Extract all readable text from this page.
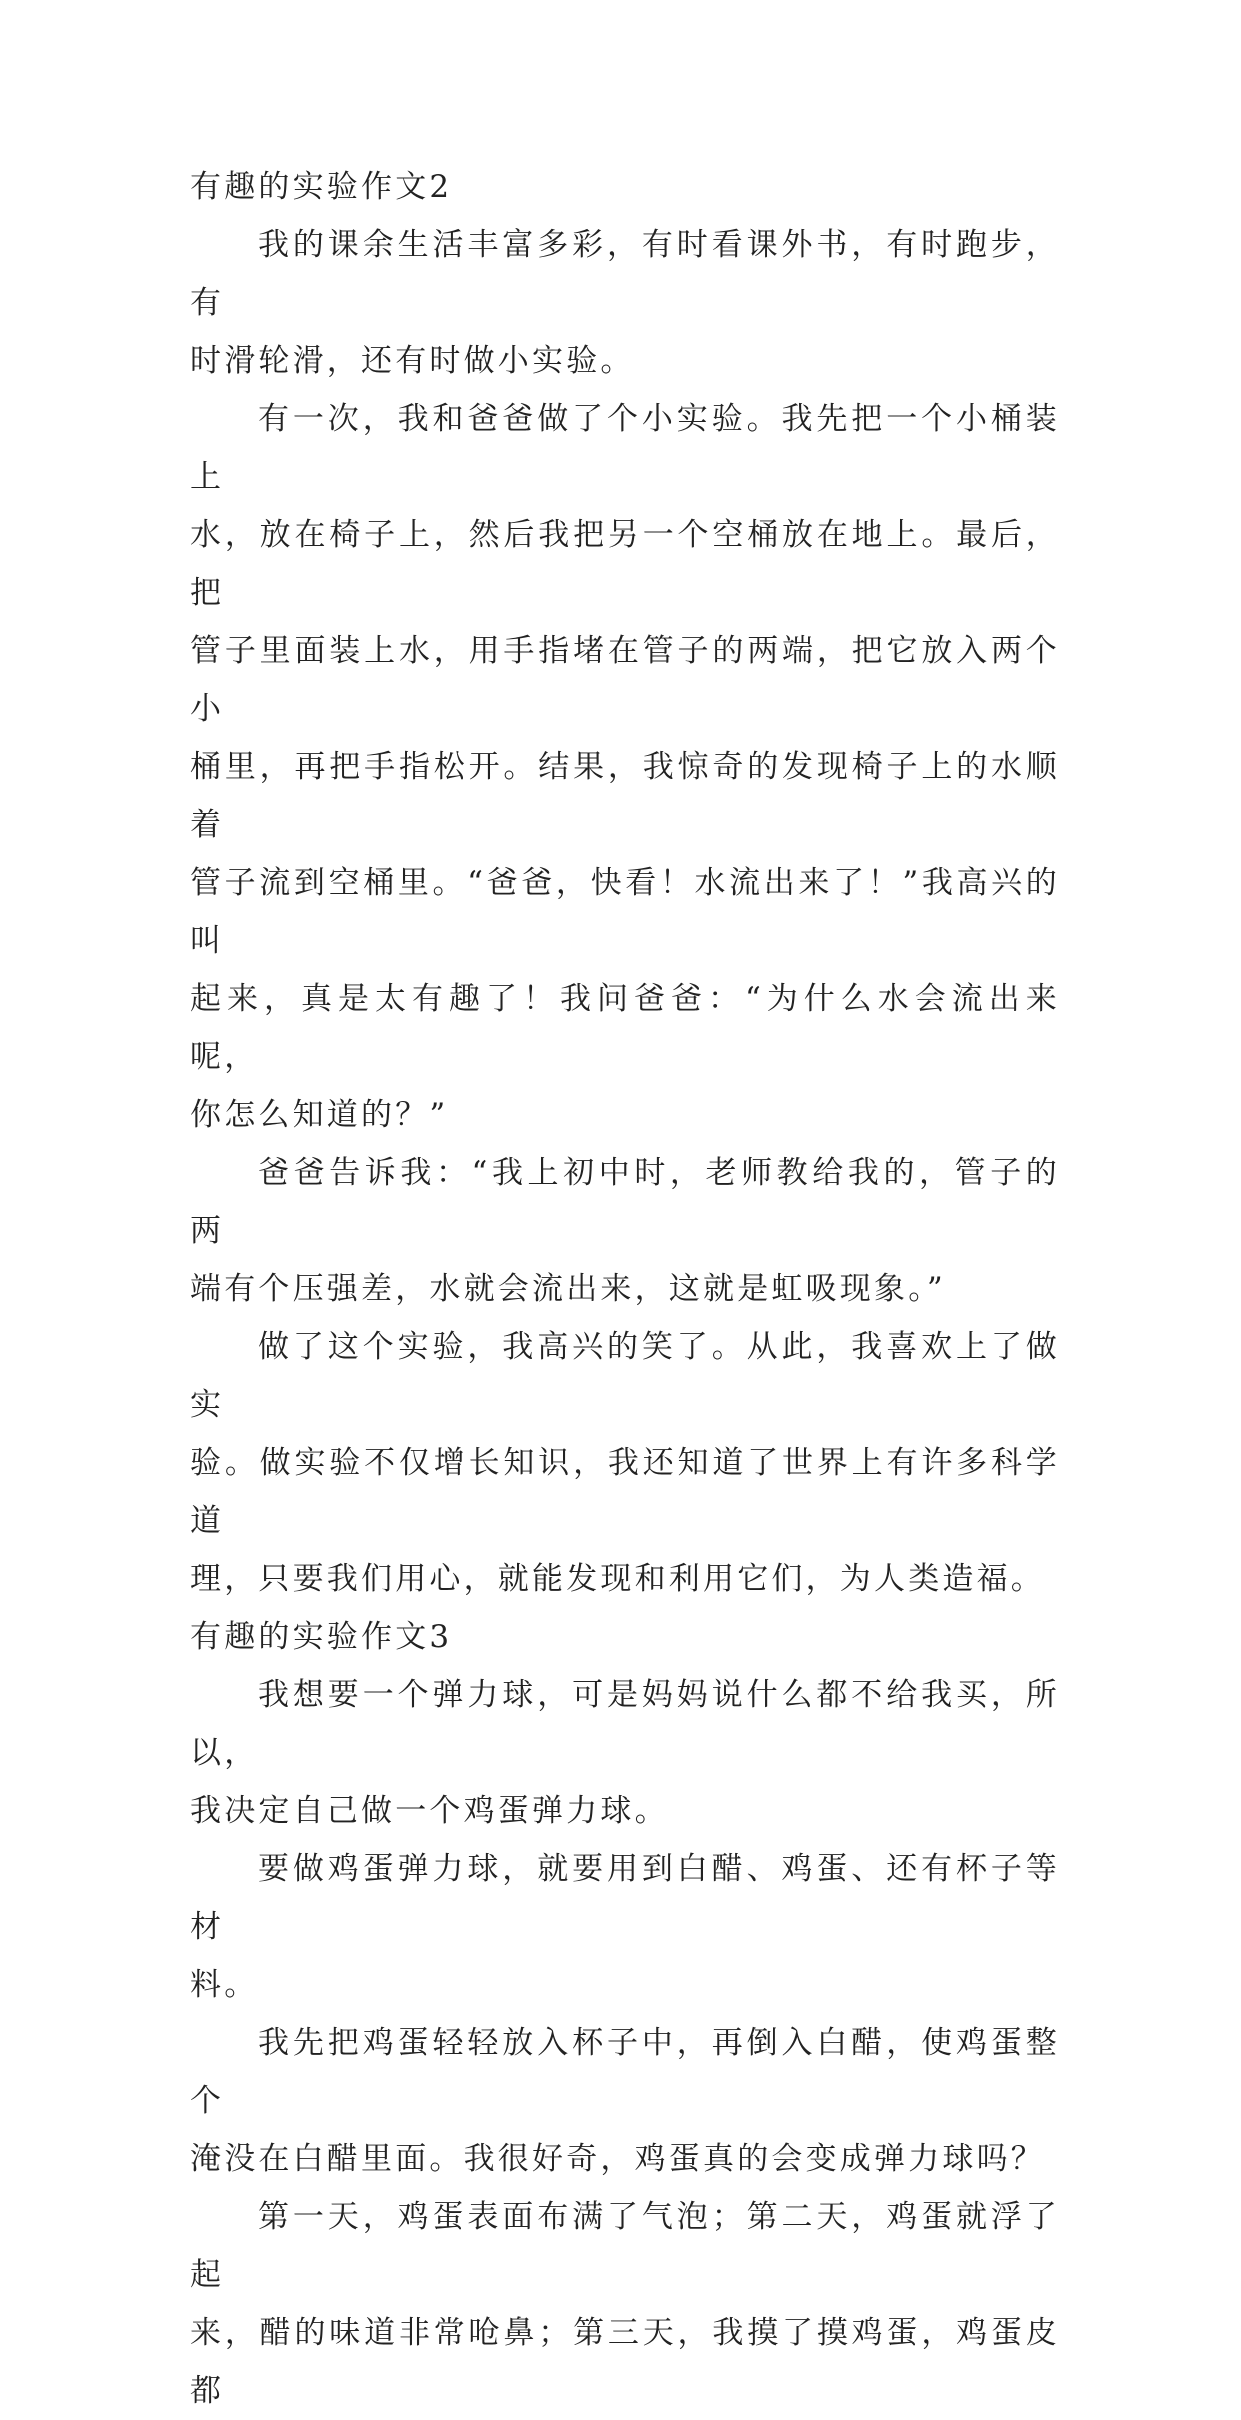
有趣的实验作文2
我的课余生活丰富多彩，有时看课外书，有时跑步，有
时滑轮滑，还有时做小实验。
有一次，我和爸爸做了个小实验。我先把一个小桶装上
水，放在椅子上，然后我把另一个空桶放在地上。最后，把
管子里面装上水，用手指堵在管子的两端，把它放入两个小
桶里，再把手指松开。结果，我惊奇的发现椅子上的水顺着
管子流到空桶里。“爸爸，快看！水流出来了！”我高兴的叫
起来，真是太有趣了！我问爸爸：“为什么水会流出来呢，
你怎么知道的？”
爸爸告诉我：“我上初中时，老师教给我的，管子的两
端有个压强差，水就会流出来，这就是虹吸现象。”
做了这个实验，我高兴的笑了。从此，我喜欢上了做实
验。做实验不仅增长知识，我还知道了世界上有许多科学道
理，只要我们用心，就能发现和利用它们，为人类造福。
有趣的实验作文3
我想要一个弹力球，可是妈妈说什么都不给我买，所以，
我决定自己做一个鸡蛋弹力球。
要做鸡蛋弹力球，就要用到白醋、鸡蛋、还有杯子等材
料。
我先把鸡蛋轻轻放入杯子中，再倒入白醋，使鸡蛋整个
淹没在白醋里面。我很好奇，鸡蛋真的会变成弹力球吗？
第一天，鸡蛋表面布满了气泡；第二天，鸡蛋就浮了起
来，醋的味道非常呛鼻；第三天，我摸了摸鸡蛋，鸡蛋皮都
